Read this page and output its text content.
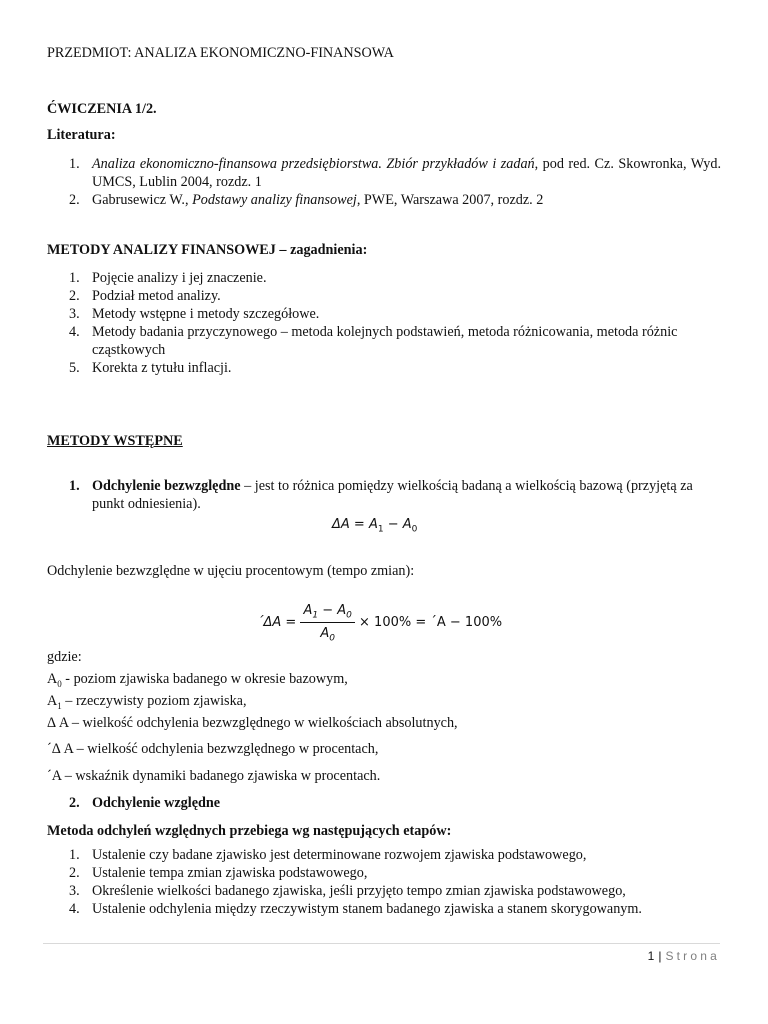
PRZEDMIOT: ANALIZA EKONOMICZNO-FINANSOWA
ĆWICZENIA 1/2.
Literatura:
1. Analiza ekonomiczno-finansowa przedsiębiorstwa. Zbiór przykładów i zadań, pod red. Cz. Skowronka, Wyd. UMCS, Lublin 2004, rozdz. 1
2. Gabrusewicz W., Podstawy analizy finansowej, PWE, Warszawa 2007, rozdz. 2
METODY ANALIZY FINANSOWEJ – zagadnienia:
1. Pojęcie analizy i jej znaczenie.
2. Podział metod analizy.
3. Metody wstępne i metody szczegółowe.
4. Metody badania przyczynowego – metoda kolejnych podstawień, metoda różnicowania, metoda różnic cząstkowych
5. Korekta z tytułu inflacji.
METODY WSTĘPNE
1. Odchylenie bezwzględne – jest to różnica pomiędzy wielkością badaną a wielkością bazową (przyjętą za punkt odniesienia).
$\Delta A = A_1 - A_0$
Odchylenie bezwzględne w ujęciu procentowym (tempo zmian):
´ΔA = $\frac{A_1 - A_0}{A_0} \times 100\%$ = ´A − 100%
gdzie:
$A_0$ - poziom zjawiska badanego w okresie bazowym,
$A_1$ – rzeczywisty poziom zjawiska,
Δ A – wielkość odchylenia bezwzględnego w wielkościach absolutnych,
´Δ A – wielkość odchylenia bezwzględnego w procentach,
´A – wskaźnik dynamiki badanego zjawiska w procentach.
2. Odchylenie względne
Metoda odchyleń względnych przebiega wg następujących etapów:
1. Ustalenie czy badane zjawisko jest determinowane rozwojem zjawiska podstawowego,
2. Ustalenie tempa zmian zjawiska podstawowego,
3. Określenie wielkości badanego zjawiska, jeśli przyjęto tempo zmian zjawiska podstawowego,
4. Ustalenie odchylenia między rzeczywistym stanem badanego zjawiska a stanem skorygowanym.
1 | Strona
